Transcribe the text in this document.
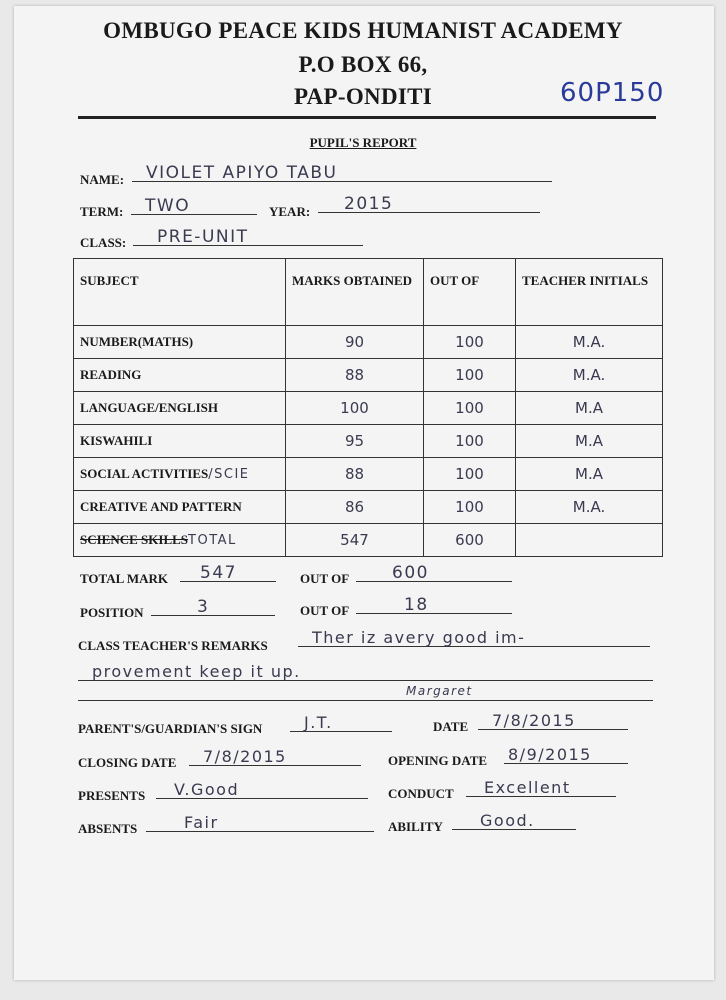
OMBUGO PEACE KIDS HUMANIST ACADEMY
P.O BOX 66,
PAP-ONDITI	60P150
PUPIL'S REPORT
NAME:	VIOLET APIYO TABU
TERM:	TWO	YEAR:	2015
CLASS:	PRE-UNIT
SUBJECT	MARKS OBTAINED	OUT OF	TEACHER INITIALS
NUMBER(MATHS)	90	100	M.A.
READING	88	100	M.A.
LANGUAGE/ENGLISH	100	100	M.A
KISWAHILI	95	100	M.A
SOCIAL ACTIVITIES/SCIE	88	100	M.A
CREATIVE AND PATTERN	86	100	M.A.
SCIENCE SKILLSTOTAL	547	600	
TOTAL MARK	547	OUT OF	600
POSITION	3	OUT OF	18
CLASS TEACHER'S REMARKS	Ther iz avery good im-
provement keep it up.
Margaret
PARENT'S/GUARDIAN'S SIGN	J.T.	DATE	7/8/2015
CLOSING DATE	7/8/2015	OPENING DATE 8/9/2015
PRESENTS	V.Good	CONDUCT	Excellent
ABSENTS	Fair	ABILITY	Good.
